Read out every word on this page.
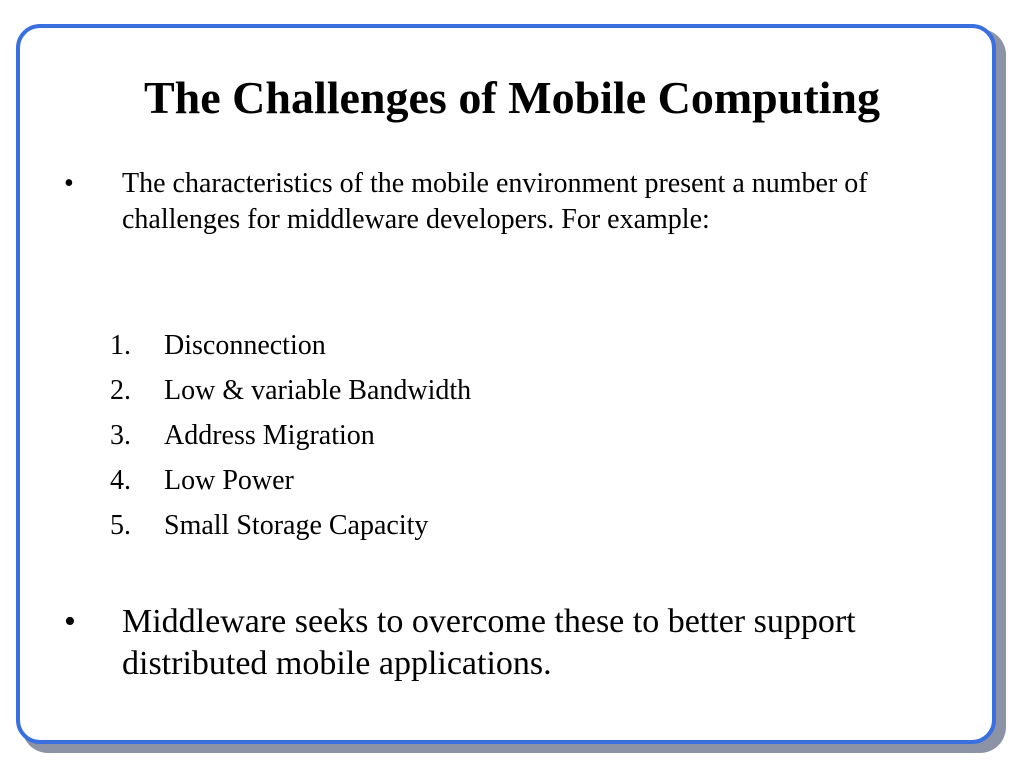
The Challenges of Mobile Computing
• The characteristics of the mobile environment present a number of challenges for middleware developers. For example:
1. Disconnection
2. Low & variable Bandwidth
3. Address Migration
4. Low Power
5. Small Storage Capacity
• Middleware seeks to overcome these to better support distributed mobile applications.
